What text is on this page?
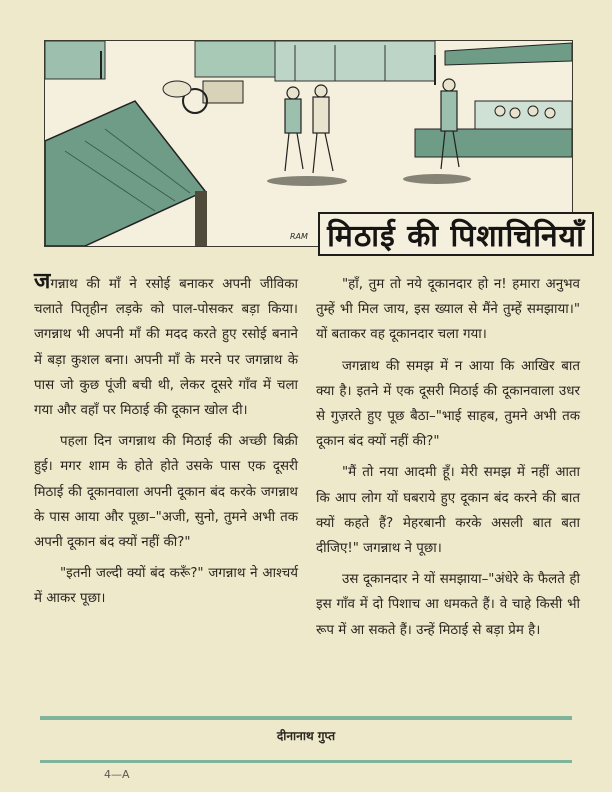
RAM मिठाई की पिशाचिनियाँ

जगन्नाथ की माँ ने रसोई बनाकर अपनी जीविका चलाते पितृहीन लड़के को पाल-पोसकर बड़ा किया। जगन्नाथ भी अपनी माँ की मदद करते हुए रसोई बनाने में बड़ा कुशल बना। अपनी माँ के मरने पर जगन्नाथ के पास जो कुछ पूंजी बची थी, लेकर दूसरे गाँव में चला गया और वहाँ पर मिठाई की दूकान खोल दी।

पहला दिन जगन्नाथ की मिठाई की अच्छी बिक्री हुई। मगर शाम के होते होते उसके पास एक दूसरी मिठाई की दूकानवाला अपनी दूकान बंद करके जगन्नाथ के पास आया और पूछा–"अजी, सुनो, तुमने अभी तक अपनी दूकान बंद क्यों नहीं की?"

"इतनी जल्दी क्यों बंद करूँ?" जगन्नाथ ने आश्चर्य में आकर पूछा।

"हाँ, तुम तो नये दूकानदार हो न! हमारा अनुभव तुम्हें भी मिल जाय, इस ख्याल से मैंने तुम्हें समझाया।" यों बताकर वह दूकानदार चला गया।

जगन्नाथ की समझ में न आया कि आखिर बात क्या है। इतने में एक दूसरी मिठाई की दूकानवाला उधर से गुज़रते हुए पूछ बैठा–"भाई साहब, तुमने अभी तक दूकान बंद क्यों नहीं की?"

"मैं तो नया आदमी हूँ। मेरी समझ में नहीं आता कि आप लोग यों घबराये हुए दूकान बंद करने की बात क्यों कहते हैं? मेहरबानी करके असली बात बता दीजिए!" जगन्नाथ ने पूछा।

उस दूकानदार ने यों समझाया–"अंधेरे के फैलते ही इस गाँव में दो पिशाच आ धमकते हैं। वे चाहे किसी भी रूप में आ सकते हैं। उन्हें मिठाई से बड़ा प्रेम है।

दीनानाथ गुप्त
4—A
